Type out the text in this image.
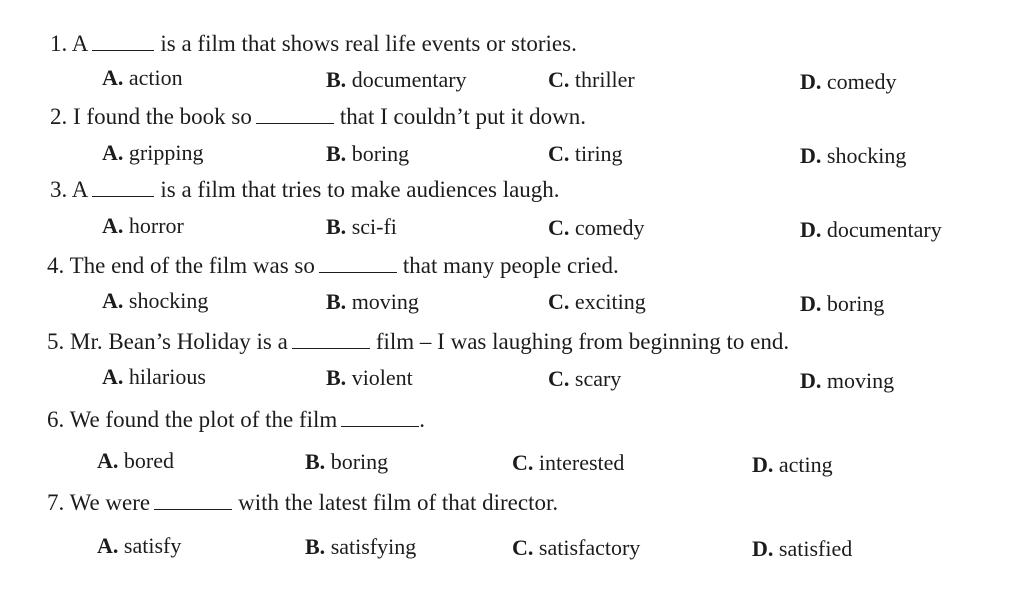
1. A	is a film that shows real life events or stories.
A. action	B. documentary	C. thriller	D. comedy
2. I found the book so	that I couldn’t put it down.
A. gripping	B. boring	C. tiring	D. shocking
3. A	is a film that tries to make audiences laugh.
A. horror	B. sci-fi	C. comedy	D. documentary
4. The end of the film was so	that many people cried.
A. shocking	B. moving	C. exciting	D. boring
5. Mr. Bean’s Holiday is a	film – I was laughing from beginning to end.
A. hilarious	B. violent	C. scary	D. moving
6. We found the plot of the film	.
A. bored	B. boring	C. interested	D. acting
7. We were	with the latest film of that director.
A. satisfy	B. satisfying	C. satisfactory	D. satisfied
